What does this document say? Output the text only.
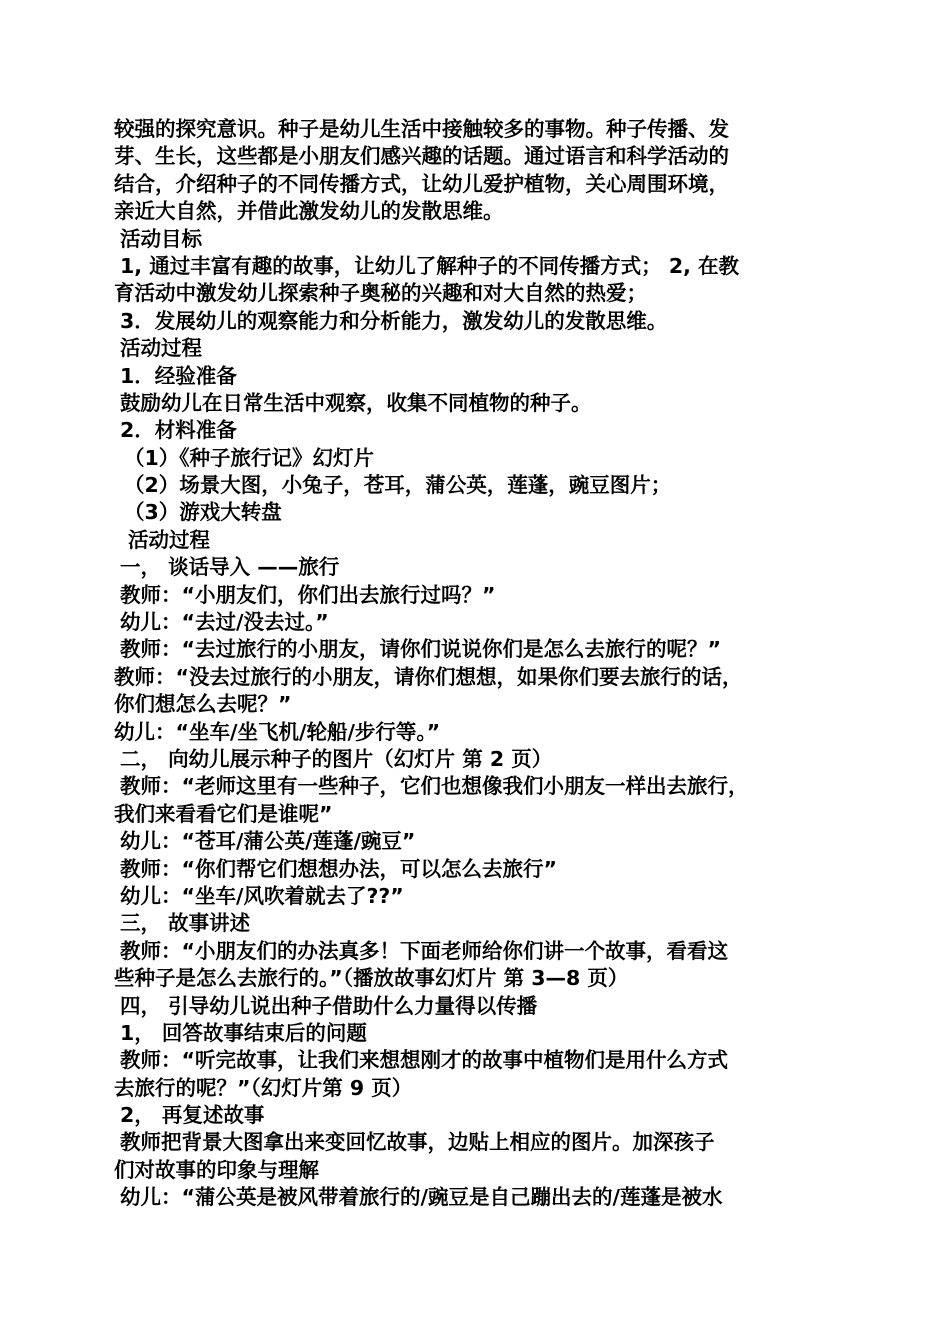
较强的探究意识。种子是幼儿生活中接触较多的事物。种子传播、发
芽、生长，这些都是小朋友们感兴趣的话题。通过语言和科学活动的
结合，介绍种子的不同传播方式，让幼儿爱护植物，关心周围环境，
亲近大自然，并借此激发幼儿的发散思维。
活动目标
1, 通过丰富有趣的故事，让幼儿了解种子的不同传播方式； 2, 在教
育活动中激发幼儿探索种子奥秘的兴趣和对大自然的热爱；
3．发展幼儿的观察能力和分析能力，激发幼儿的发散思维。
活动过程
1．经验准备
鼓励幼儿在日常生活中观察，收集不同植物的种子。
2．材料准备
（1）《种子旅行记》幻灯片
（2）场景大图，小兔子，苍耳，蒲公英，莲蓬，豌豆图片；
（3）游戏大转盘
活动过程
一， 谈话导入 ——旅行
教师：“小朋友们，你们出去旅行过吗？”
幼儿：“去过/没去过。”
教师：“去过旅行的小朋友，请你们说说你们是怎么去旅行的呢？”
教师：“没去过旅行的小朋友，请你们想想，如果你们要去旅行的话，
你们想怎么去呢？”
幼儿：“坐车/坐飞机/轮船/步行等。”
二， 向幼儿展示种子的图片（幻灯片 第 2 页）
教师：“老师这里有一些种子，它们也想像我们小朋友一样出去旅行，
我们来看看它们是谁呢”
幼儿：“苍耳/蒲公英/莲蓬/豌豆”
教师：“你们帮它们想想办法，可以怎么去旅行”
幼儿：“坐车/风吹着就去了??”
三， 故事讲述
教师：“小朋友们的办法真多！下面老师给你们讲一个故事，看看这
些种子是怎么去旅行的。”（播放故事幻灯片 第 3—8 页）
四， 引导幼儿说出种子借助什么力量得以传播
1， 回答故事结束后的问题
教师：“听完故事，让我们来想想刚才的故事中植物们是用什么方式
去旅行的呢？”（幻灯片第 9 页）
2， 再复述故事
教师把背景大图拿出来变回忆故事，边贴上相应的图片。加深孩子
们对故事的印象与理解
幼儿：“蒲公英是被风带着旅行的/豌豆是自己蹦出去的/莲蓬是被水
